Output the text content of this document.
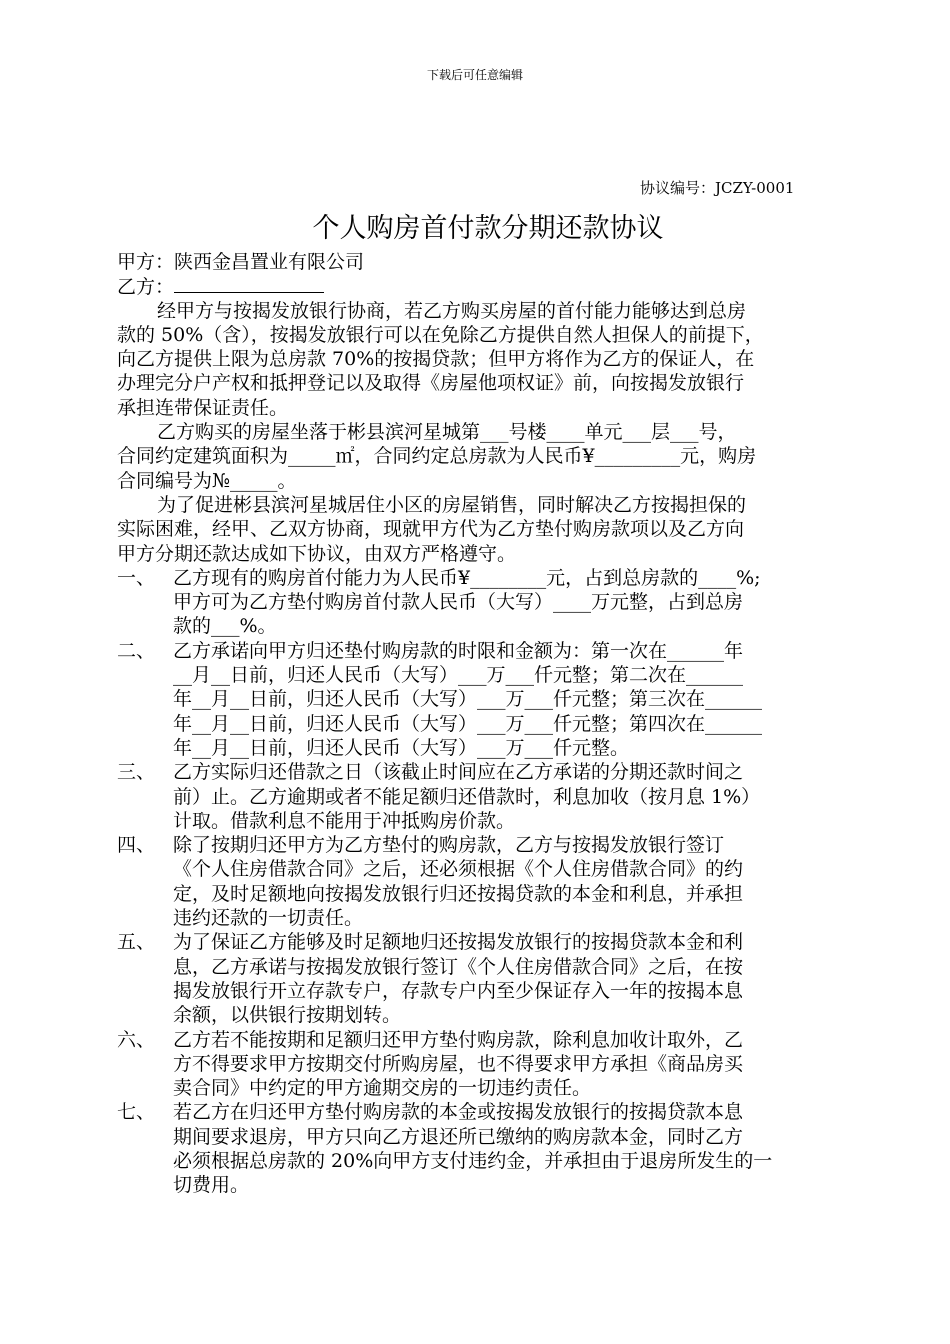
下载后可任意编辑
协议编号：JCZY-0001
个人购房首付款分期还款协议
甲方：陕西金昌置业有限公司
乙方：
经甲方与按揭发放银行协商，若乙方购买房屋的首付能力能够达到总房
款的 50%（含），按揭发放银行可以在免除乙方提供自然人担保人的前提下，
向乙方提供上限为总房款 70%的按揭贷款；但甲方将作为乙方的保证人，在
办理完分户产权和抵押登记以及取得《房屋他项权证》前，向按揭发放银行
承担连带保证责任。
乙方购买的房屋坐落于彬县滨河星城第___号楼____单元___层___号，
合同约定建筑面积为_____㎡，合同约定总房款为人民币¥_________元，购房
合同编号为№_____。
为了促进彬县滨河星城居住小区的房屋销售，同时解决乙方按揭担保的
实际困难，经甲、乙双方协商，现就甲方代为乙方垫付购房款项以及乙方向
甲方分期还款达成如下协议，由双方严格遵守。
一、 乙方现有的购房首付能力为人民币¥________元，占到总房款的____%;
甲方可为乙方垫付购房首付款人民币（大写）____万元整，占到总房
款的___%。
二、 乙方承诺向甲方归还垫付购房款的时限和金额为：第一次在______年
__月__日前，归还人民币（大写）___万___仟元整；第二次在______
年__月__日前，归还人民币（大写）___万___仟元整；第三次在______
年__月__日前，归还人民币（大写）___万___仟元整；第四次在______
年__月__日前，归还人民币（大写）___万___仟元整。
三、 乙方实际归还借款之日（该截止时间应在乙方承诺的分期还款时间之
前）止。乙方逾期或者不能足额归还借款时，利息加收（按月息 1%）
计取。借款利息不能用于冲抵购房价款。
四、 除了按期归还甲方为乙方垫付的购房款，乙方与按揭发放银行签订
《个人住房借款合同》之后，还必须根据《个人住房借款合同》的约
定，及时足额地向按揭发放银行归还按揭贷款的本金和利息，并承担
违约还款的一切责任。
五、 为了保证乙方能够及时足额地归还按揭发放银行的按揭贷款本金和利
息，乙方承诺与按揭发放银行签订《个人住房借款合同》之后，在按
揭发放银行开立存款专户，存款专户内至少保证存入一年的按揭本息
余额，以供银行按期划转。
六、 乙方若不能按期和足额归还甲方垫付购房款，除利息加收计取外，乙
方不得要求甲方按期交付所购房屋，也不得要求甲方承担《商品房买
卖合同》中约定的甲方逾期交房的一切违约责任。
七、 若乙方在归还甲方垫付购房款的本金或按揭发放银行的按揭贷款本息
期间要求退房，甲方只向乙方退还所已缴纳的购房款本金，同时乙方
必须根据总房款的 20%向甲方支付违约金，并承担由于退房所发生的一
切费用。
